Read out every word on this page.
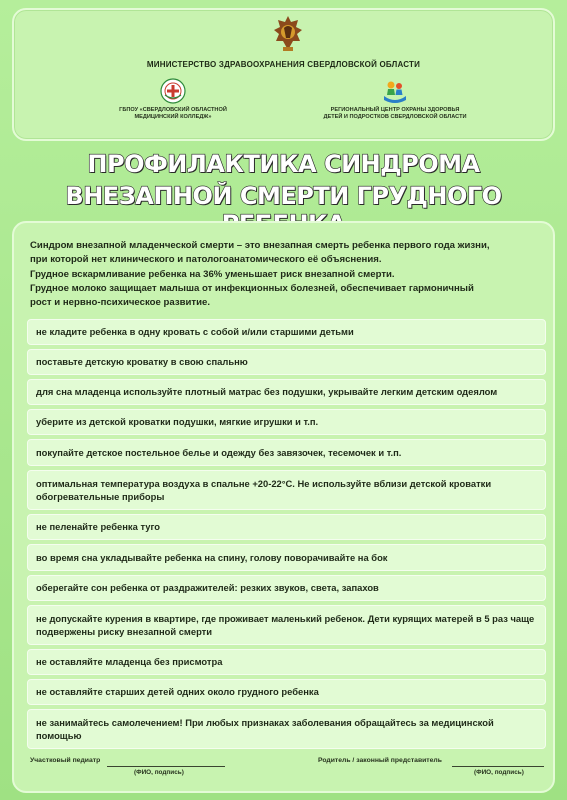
МИНИСТЕРСТВО ЗДРАВООХРАНЕНИЯ СВЕРДЛОВСКОЙ ОБЛАСТИ
ГБПОУ «СВЕРДЛОВСКИЙ ОБЛАСТНОЙ
МЕДИЦИНСКИЙ КОЛЛЕДЖ»
РЕГИОНАЛЬНЫЙ ЦЕНТР ОХРАНЫ ЗДОРОВЬЯ
ДЕТЕЙ И ПОДРОСТКОВ СВЕРДЛОВСКОЙ ОБЛАСТИ
ПРОФИЛАКТИКА СИНДРОМА
ВНЕЗАПНОЙ СМЕРТИ ГРУДНОГО

Синдром внезапной младенческой смерти – это внезапная смерть ребенка первого года жизни,

при которой нет клинического и патологоанатомического её объяснения.

Грудное вскармливание ребенка на 36% уменьшает риск внезапной смерти.

Грудное молоко защищает малыша от инфекционных болезней, обеспечивает гармоничный

рост и нервно-психическое развитие.

не кладите ребенка в одну кровать с собой и/или старшими детьми
поставьте детскую кроватку в свою спальню
для сна младенца используйте плотный матрас без подушки, укрывайте легким детским одеялом
уберите из детской кроватки подушки, мягкие игрушки и т.п.
покупайте детское постельное белье и одежду без завязочек, тесемочек и т.п.
оптимальная температура воздуха в спальне +20-22°С. Не используйте вблизи детской кроватки обогревательные приборы
не пеленайте ребенка туго
во время сна укладывайте ребенка на спину, голову поворачивайте на бок
оберегайте сон ребенка от раздражителей: резких звуков, света, запахов
не допускайте курения в квартире, где проживает маленький ребенок. Дети курящих матерей в 5 раз чаще подвержены риску внезапной смерти
не оставляйте младенца без присмотра
не оставляйте старших детей одних около грудного ребенка
не занимайтесь самолечением! При любых признаках заболевания обращайтесь за медицинской помощью
Участковый педиатр
(ФИО, подпись)
Родитель / законный представитель
(ФИО, подпись)
